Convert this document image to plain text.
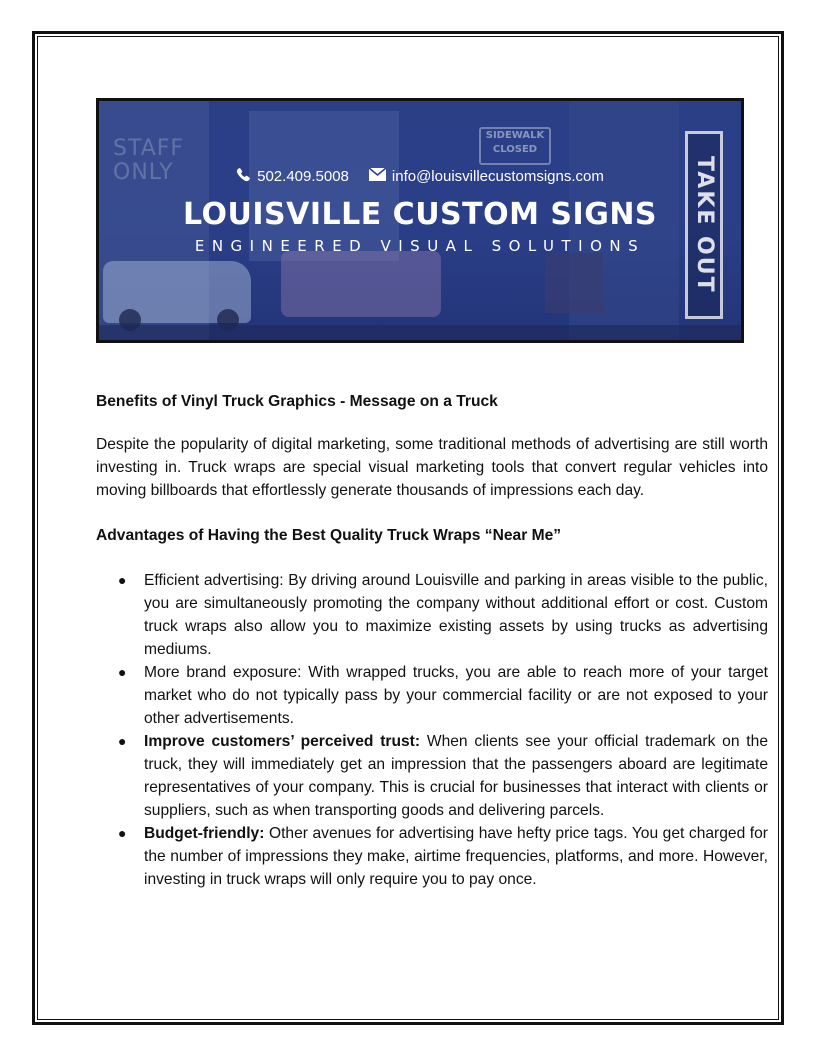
STAFF ONLY
SIDEWALK CLOSED
TAKE OUT
502.409.5008	info@louisvillecustomsigns.com
LOUISVILLE CUSTOM SIGNS
ENGINEERED VISUAL SOLUTIONS

Benefits of Vinyl Truck Graphics - Message on a Truck

Despite the popularity of digital marketing, some traditional methods of advertising are still worth investing in. Truck wraps are special visual marketing tools that convert regular vehicles into moving billboards that effortlessly generate thousands of impressions each day.

Advantages of Having the Best Quality Truck Wraps “Near Me”

● Efficient advertising: By driving around Louisville and parking in areas visible to the public, you are simultaneously promoting the company without additional effort or cost. Custom truck wraps also allow you to maximize existing assets by using trucks as advertising mediums.
● More brand exposure: With wrapped trucks, you are able to reach more of your target market who do not typically pass by your commercial facility or are not exposed to your other advertisements.
● Improve customers’ perceived trust: When clients see your official trademark on the truck, they will immediately get an impression that the passengers aboard are legitimate representatives of your company. This is crucial for businesses that interact with clients or suppliers, such as when transporting goods and delivering parcels.
● Budget-friendly: Other avenues for advertising have hefty price tags. You get charged for the number of impressions they make, airtime frequencies, platforms, and more. However, investing in truck wraps will only require you to pay once.
